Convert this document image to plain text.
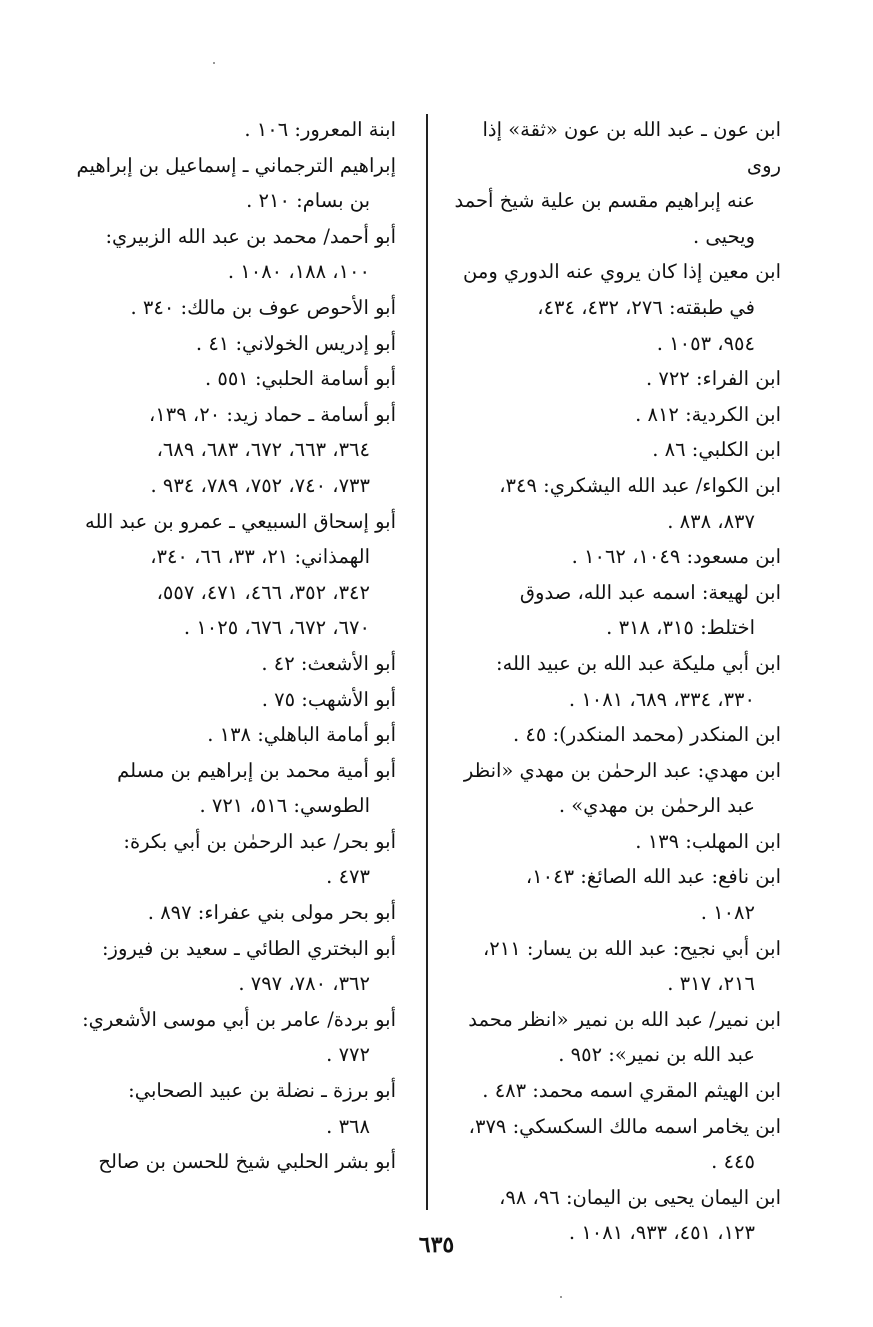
ابن عون ـ عبد الله بن عون «ثقة» إذا روى
عنه إبراهيم مقسم بن علية شيخ أحمد
ويحيى .
ابن معين إذا كان يروي عنه الدوري ومن
في طبقته: ٢٧٦، ٤٣٢، ٤٣٤،
٩٥٤، ١٠٥٣ .
ابن الفراء: ٧٢٢ .
ابن الكردية: ٨١٢ .
ابن الكلبي: ٨٦ .
ابن الكواء/ عبد الله اليشكري: ٣٤٩،
٨٣٧، ٨٣٨ .
ابن مسعود: ١٠٤٩، ١٠٦٢ .
ابن لهيعة: اسمه عبد الله، صدوق
اختلط: ٣١٥، ٣١٨ .
ابن أبي مليكة عبد الله بن عبيد الله:
٣٣٠، ٣٣٤، ٦٨٩، ١٠٨١ .
ابن المنكدر (محمد المنكدر): ٤٥ .
ابن مهدي: عبد الرحمٰن بن مهدي «انظر
عبد الرحمٰن بن مهدي» .
ابن المهلب: ١٣٩ .
ابن نافع: عبد الله الصائغ: ١٠٤٣،
١٠٨٢ .
ابن أبي نجيح: عبد الله بن يسار: ٢١١،
٢١٦، ٣١٧ .
ابن نمير/ عبد الله بن نمير «انظر محمد
عبد الله بن نمير»: ٩٥٢ .
ابن الهيثم المقري اسمه محمد: ٤٨٣ .
ابن يخامر اسمه مالك السكسكي: ٣٧٩،
٤٤٥ .
ابن اليمان يحيى بن اليمان: ٩٦، ٩٨،
١٢٣، ٤٥١، ٩٣٣، ١٠٨١ .
ابنة المعرور: ١٠٦ .
إبراهيم الترجماني ـ إسماعيل بن إبراهيم
بن بسام: ٢١٠ .
أبو أحمد/ محمد بن عبد الله الزبيري:
١٠٠، ١٨٨، ١٠٨٠ .
أبو الأحوص عوف بن مالك: ٣٤٠ .
أبو إدريس الخولاني: ٤١ .
أبو أسامة الحلبي: ٥٥١ .
أبو أسامة ـ حماد زيد: ٢٠، ١٣٩،
٣٦٤، ٦٦٣، ٦٧٢، ٦٨٣، ٦٨٩،
٧٣٣، ٧٤٠، ٧٥٢، ٧٨٩، ٩٣٤ .
أبو إسحاق السبيعي ـ عمرو بن عبد الله
الهمذاني: ٢١، ٣٣، ٦٦، ٣٤٠،
٣٤٢، ٣٥٢، ٤٦٦، ٤٧١، ٥٥٧،
٦٧٠، ٦٧٢، ٦٧٦، ١٠٢٥ .
أبو الأشعث: ٤٢ .
أبو الأشهب: ٧٥ .
أبو أمامة الباهلي: ١٣٨ .
أبو أمية محمد بن إبراهيم بن مسلم
الطوسي: ٥١٦، ٧٢١ .
أبو بحر/ عبد الرحمٰن بن أبي بكرة:
٤٧٣ .
أبو بحر مولى بني عفراء: ٨٩٧ .
أبو البختري الطائي ـ سعيد بن فيروز:
٣٦٢، ٧٨٠، ٧٩٧ .
أبو بردة/ عامر بن أبي موسى الأشعري:
٧٧٢ .
أبو برزة ـ نضلة بن عبيد الصحابي:
٣٦٨ .
أبو بشر الحلبي شيخ للحسن بن صالح
٦٣٥
